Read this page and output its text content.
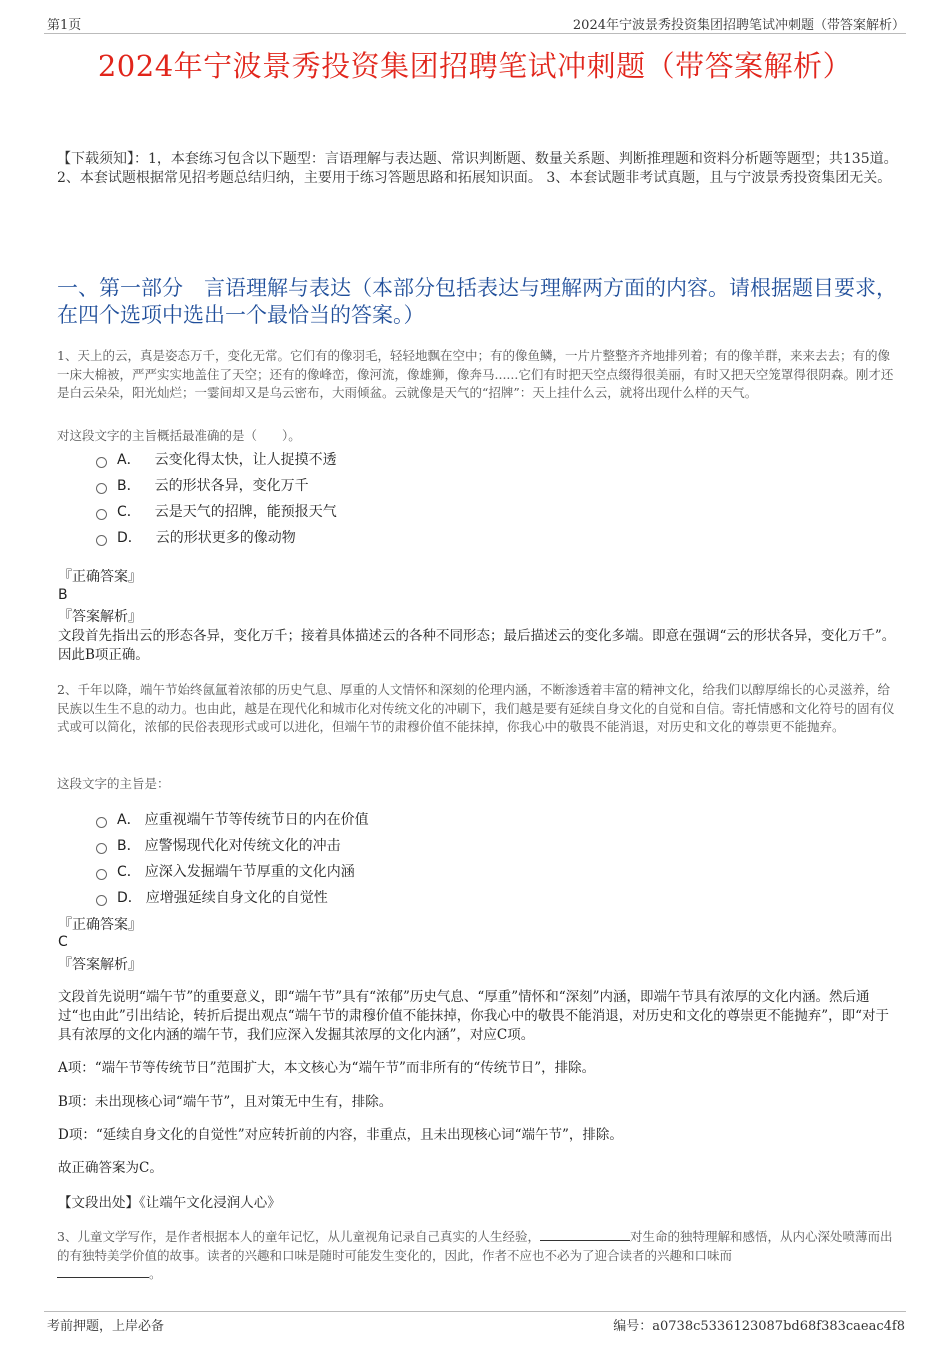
第1页	2024年宁波景秀投资集团招聘笔试冲刺题（带答案解析）
2024年宁波景秀投资集团招聘笔试冲刺题（带答案解析）
【下载须知】：1，本套练习包含以下题型：言语理解与表达题、常识判断题、数量关系题、判断推理题和资料分析题等题型；共135道。 2、本套试题根据常见招考题总结归纳，主要用于练习答题思路和拓展知识面。 3、本套试题非考试真题，且与宁波景秀投资集团无关。
一、第一部分　言语理解与表达（本部分包括表达与理解两方面的内容。请根据题目要求，在四个选项中选出一个最恰当的答案。）
1、天上的云，真是姿态万千，变化无常。它们有的像羽毛，轻轻地飘在空中；有的像鱼鳞，一片片整整齐齐地排列着；有的像羊群，来来去去；有的像一床大棉被，严严实实地盖住了天空；还有的像峰峦，像河流，像雄狮，像奔马......它们有时把天空点缀得很美丽，有时又把天空笼罩得很阴森。刚才还是白云朵朵，阳光灿烂；一霎间却又是乌云密布，大雨倾盆。云就像是天气的“招牌”：天上挂什么云，就将出现什么样的天气。
对这段文字的主旨概括最准确的是（　　）。
A． 云变化得太快，让人捉摸不透
B． 云的形状各异，变化万千
C． 云是天气的招牌，能预报天气
D． 云的形状更多的像动物
『正确答案』
B
『答案解析』
文段首先指出云的形态各异，变化万千；接着具体描述云的各种不同形态；最后描述云的变化多端。即意在强调“云的形状各异，变化万千”。因此B项正确。
2、千年以降，端午节始终氤氲着浓郁的历史气息、厚重的人文情怀和深刻的伦理内涵，不断渗透着丰富的精神文化，给我们以醇厚绵长的心灵滋养，给民族以生生不息的动力。也由此，越是在现代化和城市化对传统文化的冲刷下，我们越是要有延续自身文化的自觉和自信。寄托情感和文化符号的固有仪式或可以简化，浓郁的民俗表现形式或可以进化，但端午节的肃穆价值不能抹掉，你我心中的敬畏不能消退，对历史和文化的尊崇更不能抛弃。
这段文字的主旨是：
A． 应重视端午节等传统节日的内在价值
B． 应警惕现代化对传统文化的冲击
C． 应深入发掘端午节厚重的文化内涵
D． 应增强延续自身文化的自觉性
『正确答案』
C
『答案解析』
文段首先说明“端午节”的重要意义，即“端午节”具有“浓郁”历史气息、“厚重”情怀和“深刻”内涵，即端午节具有浓厚的文化内涵。然后通过“也由此”引出结论，转折后提出观点“端午节的肃穆价值不能抹掉，你我心中的敬畏不能消退，对历史和文化的尊崇更不能抛弃”，即“对于具有浓厚的文化内涵的端午节，我们应深入发掘其浓厚的文化内涵”，对应C项。
A项：“端午节等传统节日”范围扩大，本文核心为“端午节”而非所有的“传统节日”，排除。
B项：未出现核心词“端午节”，且对策无中生有，排除。
D项：“延续自身文化的自觉性”对应转折前的内容，非重点，且未出现核心词“端午节”，排除。
故正确答案为C。
【文段出处】《让端午文化浸润人心》
3、儿童文学写作，是作者根据本人的童年记忆，从儿童视角记录自己真实的人生经验，	对生命的独特理解和感悟，从内心深处喷薄而出的有独特美学价值的故事。读者的兴趣和口味是随时可能发生变化的，因此，作者不应也不必为了迎合读者的兴趣和口味而
。
考前押题，上岸必备	编号：a0738c5336123087bd68f383caeac4f8
